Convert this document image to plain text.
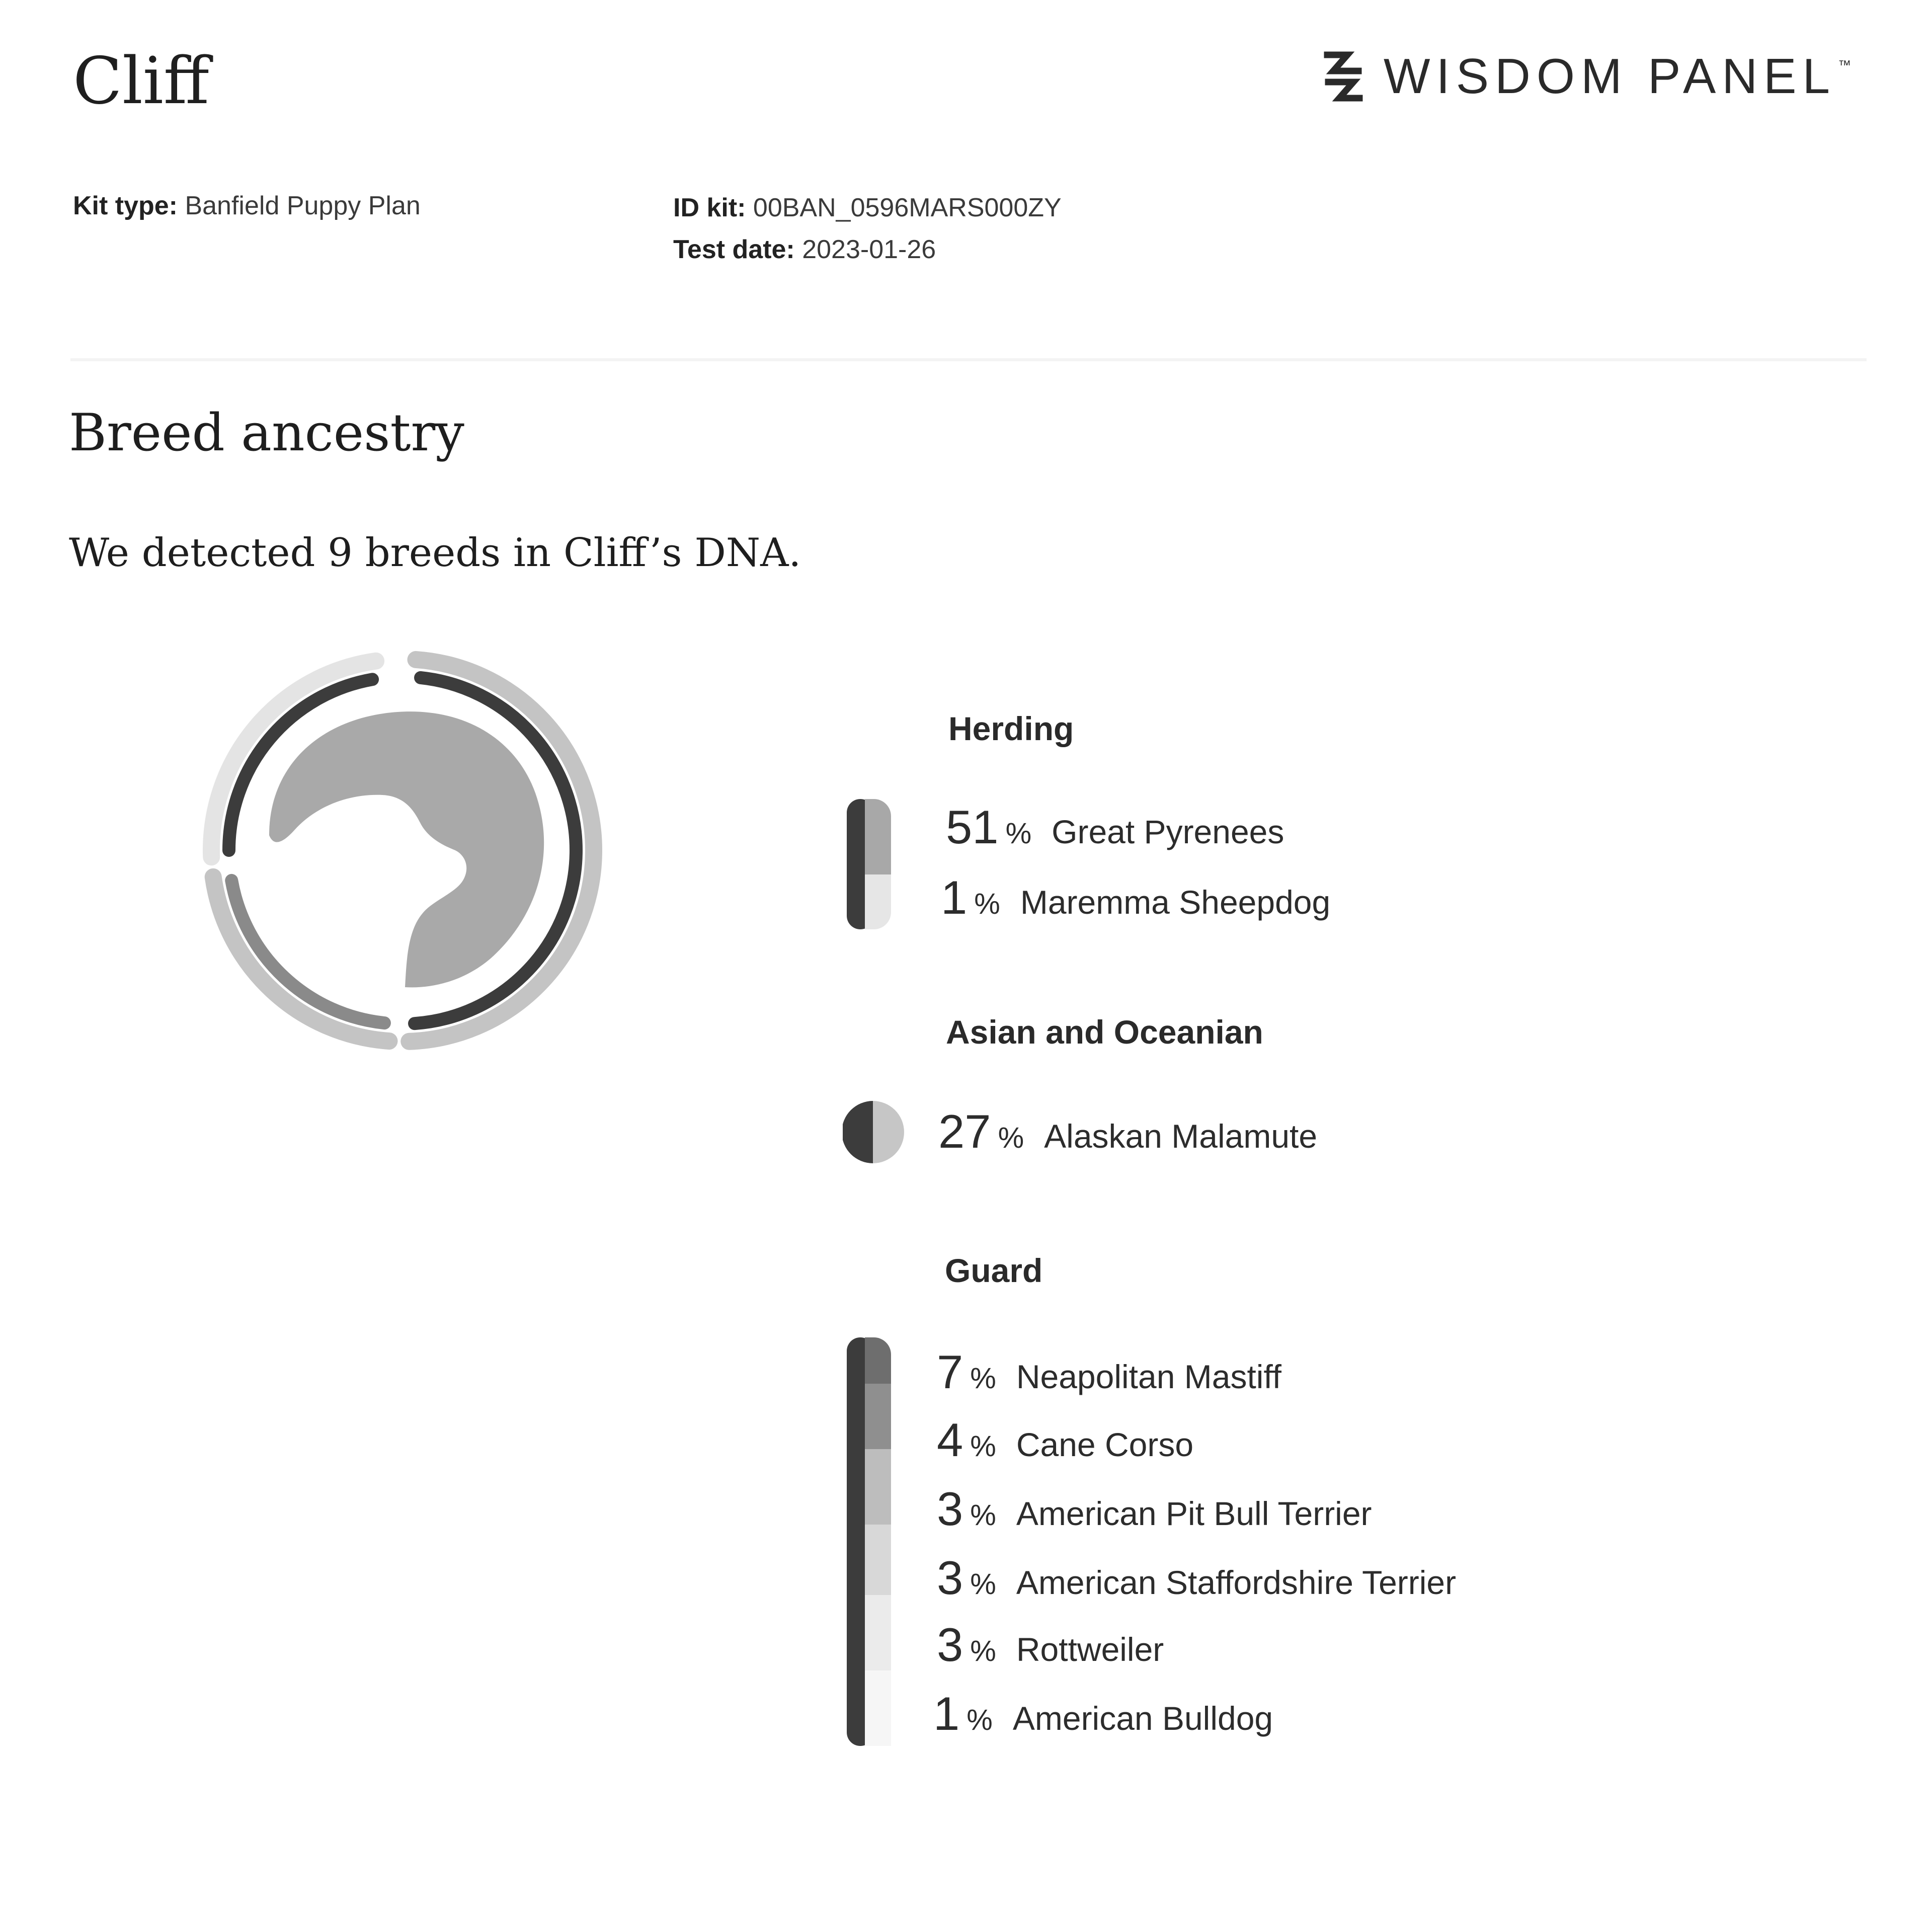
Cliff	WISDOM PANEL ™
Kit type: Banfield Puppy Plan	ID kit: 00BAN_0596MARS000ZY
Test date: 2023-01-26
Breed ancestry
We detected 9 breeds in Cliff’s DNA.
Herding
51 % Great Pyrenees
1 % Maremma Sheepdog
Asian and Oceanian
27 % Alaskan Malamute
Guard
7 % Neapolitan Mastiff
4 % Cane Corso
3 % American Pit Bull Terrier
3 % American Staffordshire Terrier
3 % Rottweiler
1 % American Bulldog
